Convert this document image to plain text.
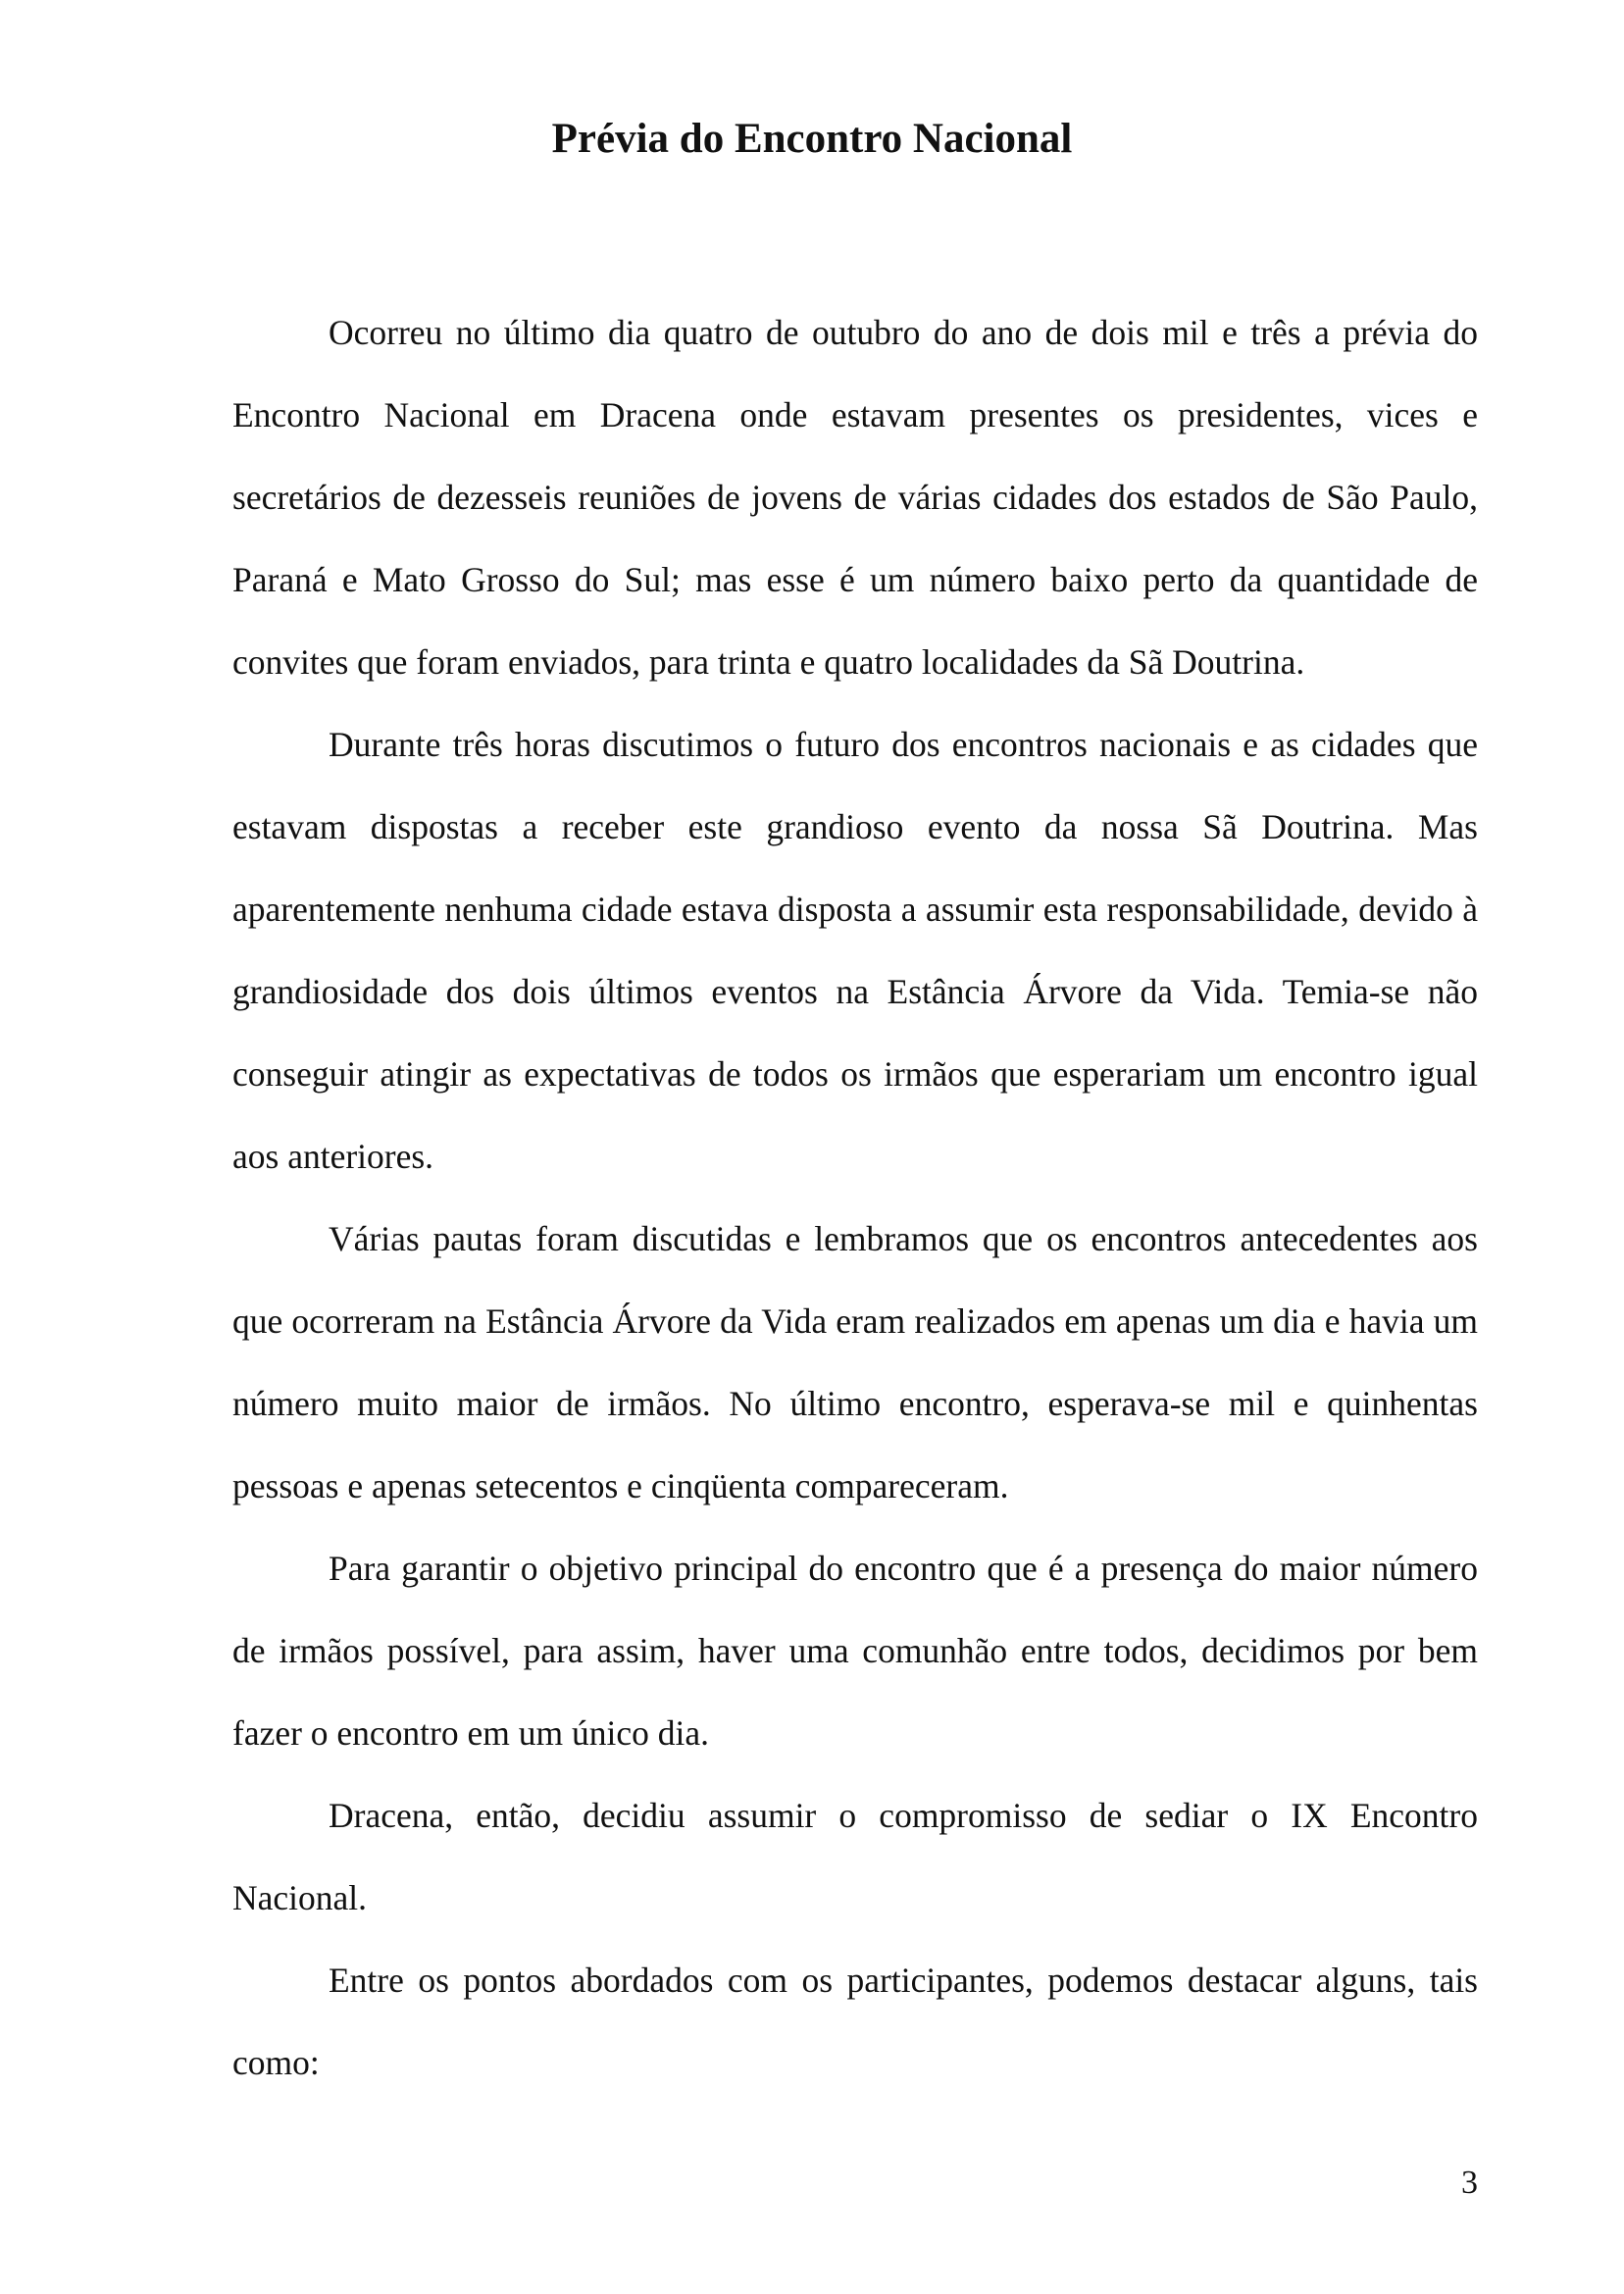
Prévia do Encontro Nacional

Ocorreu no último dia quatro de outubro do ano de dois mil e três a prévia do Encontro Nacional em Dracena onde estavam presentes os presidentes, vices e secretários de dezesseis reuniões de jovens de várias cidades dos estados de São Paulo, Paraná e Mato Grosso do Sul; mas esse é um número baixo perto da quantidade de convites que foram enviados, para trinta e quatro localidades da Sã Doutrina.

Durante três horas discutimos o futuro dos encontros nacionais e as cidades que estavam dispostas a receber este grandioso evento da nossa Sã Doutrina. Mas aparentemente nenhuma cidade estava disposta a assumir esta responsabilidade, devido à grandiosidade dos dois últimos eventos na Estância Árvore da Vida. Temia-se não conseguir atingir as expectativas de todos os irmãos que esperariam um encontro igual aos anteriores.

Várias pautas foram discutidas e lembramos que os encontros antecedentes aos que ocorreram na Estância Árvore da Vida eram realizados em apenas um dia e havia um número muito maior de irmãos. No último encontro, esperava-se mil e quinhentas pessoas e apenas setecentos e cinqüenta compareceram.

Para garantir o objetivo principal do encontro que é a presença do maior número de irmãos possível, para assim, haver uma comunhão entre todos, decidimos por bem fazer o encontro em um único dia.

Dracena, então, decidiu assumir o compromisso de sediar o IX Encontro Nacional.

Entre os pontos abordados com os participantes, podemos destacar alguns, tais como:

3
